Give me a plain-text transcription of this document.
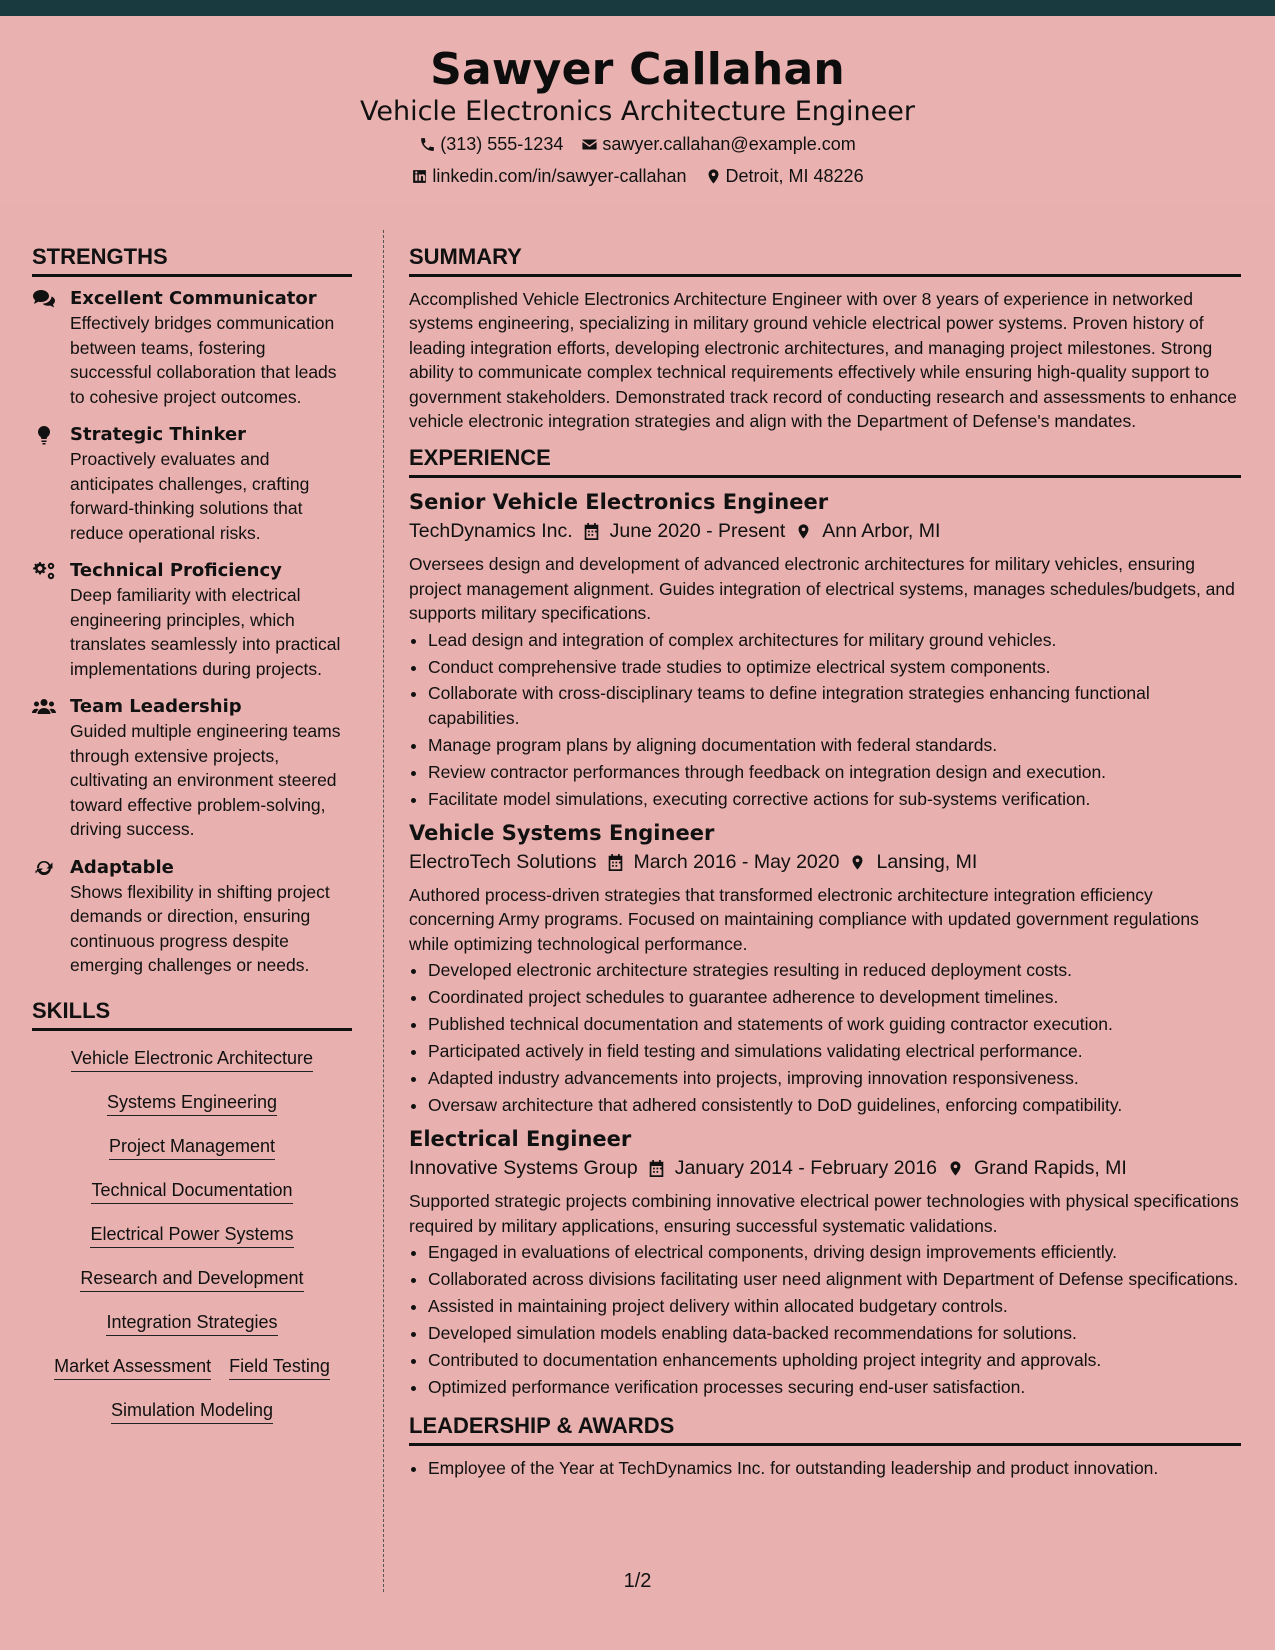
Sawyer Callahan
Vehicle Electronics Architecture Engineer
(313) 555-1234 sawyer.callahan@example.com
linkedin.com/in/sawyer-callahan Detroit, MI 48226
STRENGTHS
Excellent Communicator
Effectively bridges communication between teams, fostering successful collaboration that leads to cohesive project outcomes.
Strategic Thinker
Proactively evaluates and anticipates challenges, crafting forward-thinking solutions that reduce operational risks.
Technical Proficiency
Deep familiarity with electrical engineering principles, which translates seamlessly into practical implementations during projects.
Team Leadership
Guided multiple engineering teams through extensive projects, cultivating an environment steered toward effective problem-solving, driving success.
Adaptable
Shows flexibility in shifting project demands or direction, ensuring continuous progress despite emerging challenges or needs.
SKILLS
Vehicle Electronic Architecture
Systems Engineering
Project Management
Technical Documentation
Electrical Power Systems
Research and Development
Integration Strategies
Market Assessment Field Testing
Simulation Modeling
SUMMARY
Accomplished Vehicle Electronics Architecture Engineer with over 8 years of experience in networked systems engineering, specializing in military ground vehicle electrical power systems. Proven history of leading integration efforts, developing electronic architectures, and managing project milestones. Strong ability to communicate complex technical requirements effectively while ensuring high-quality support to government stakeholders. Demonstrated track record of conducting research and assessments to enhance vehicle electronic integration strategies and align with the Department of Defense's mandates.
EXPERIENCE
Senior Vehicle Electronics Engineer
TechDynamics Inc. June 2020 - Present Ann Arbor, MI
Oversees design and development of advanced electronic architectures for military vehicles, ensuring project management alignment. Guides integration of electrical systems, manages schedules/budgets, and supports military specifications.
• Lead design and integration of complex architectures for military ground vehicles.
• Conduct comprehensive trade studies to optimize electrical system components.
• Collaborate with cross-disciplinary teams to define integration strategies enhancing functional capabilities.
• Manage program plans by aligning documentation with federal standards.
• Review contractor performances through feedback on integration design and execution.
• Facilitate model simulations, executing corrective actions for sub-systems verification.
Vehicle Systems Engineer
ElectroTech Solutions March 2016 - May 2020 Lansing, MI
Authored process-driven strategies that transformed electronic architecture integration efficiency concerning Army programs. Focused on maintaining compliance with updated government regulations while optimizing technological performance.
• Developed electronic architecture strategies resulting in reduced deployment costs.
• Coordinated project schedules to guarantee adherence to development timelines.
• Published technical documentation and statements of work guiding contractor execution.
• Participated actively in field testing and simulations validating electrical performance.
• Adapted industry advancements into projects, improving innovation responsiveness.
• Oversaw architecture that adhered consistently to DoD guidelines, enforcing compatibility.
Electrical Engineer
Innovative Systems Group January 2014 - February 2016 Grand Rapids, MI
Supported strategic projects combining innovative electrical power technologies with physical specifications required by military applications, ensuring successful systematic validations.
• Engaged in evaluations of electrical components, driving design improvements efficiently.
• Collaborated across divisions facilitating user need alignment with Department of Defense specifications.
• Assisted in maintaining project delivery within allocated budgetary controls.
• Developed simulation models enabling data-backed recommendations for solutions.
• Contributed to documentation enhancements upholding project integrity and approvals.
• Optimized performance verification processes securing end-user satisfaction.
LEADERSHIP & AWARDS
• Employee of the Year at TechDynamics Inc. for outstanding leadership and product innovation.
1/2
